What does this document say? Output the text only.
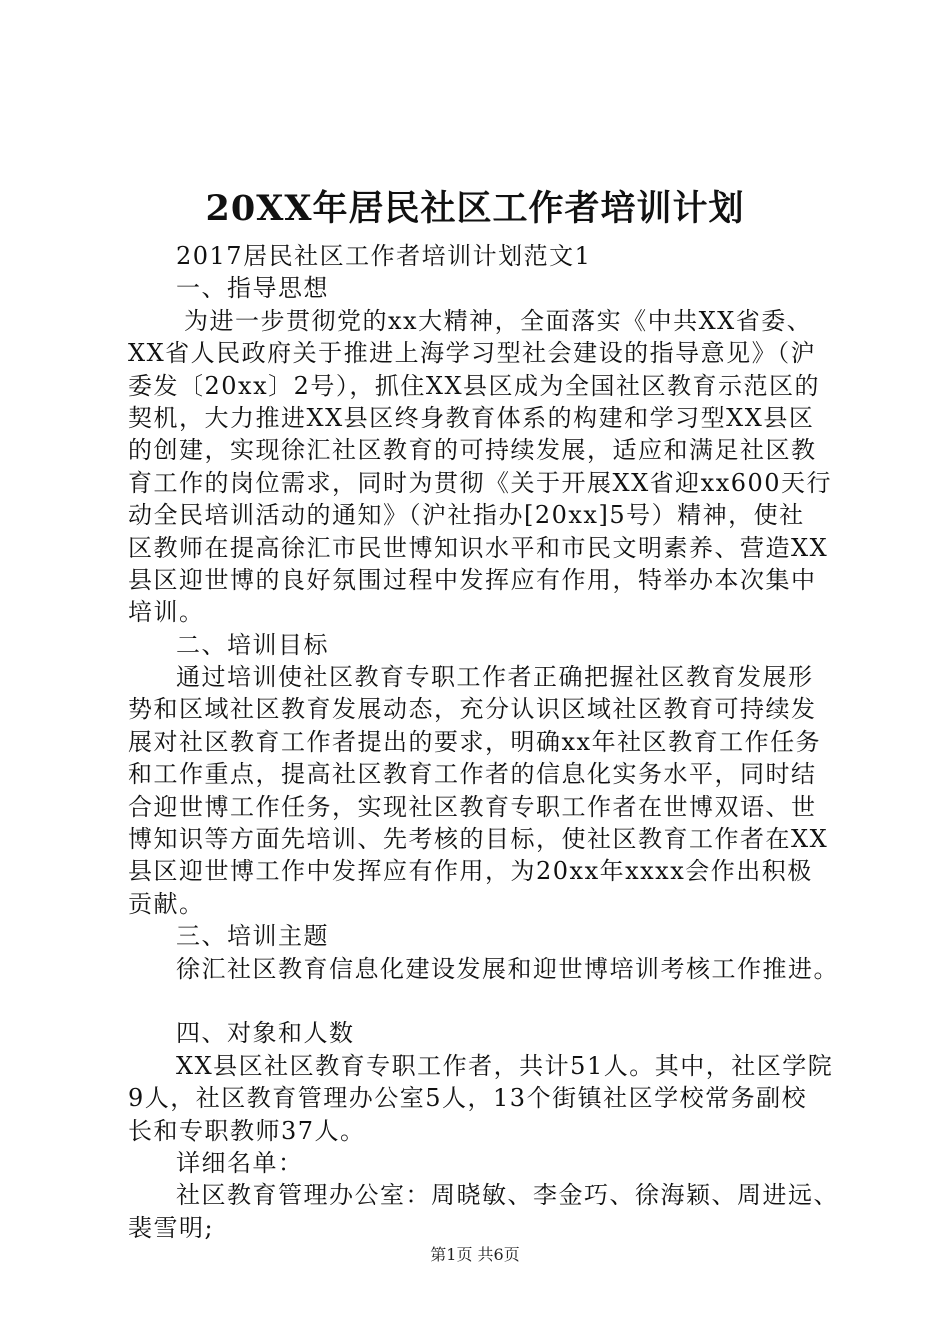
20XX年居民社区工作者培训计划
2017居民社区工作者培训计划范文1
一、指导思想
为进一步贯彻党的xx大精神，全面落实《中共XX省委、
XX省人民政府关于推进上海学习型社会建设的指导意见》（沪
委发〔20xx〕2号），抓住XX县区成为全国社区教育示范区的
契机，大力推进XX县区终身教育体系的构建和学习型XX县区
的创建，实现徐汇社区教育的可持续发展，适应和满足社区教
育工作的岗位需求，同时为贯彻《关于开展XX省迎xx600天行
动全民培训活动的通知》（沪社指办[20xx]5号）精神，使社
区教师在提高徐汇市民世博知识水平和市民文明素养、营造XX
县区迎世博的良好氛围过程中发挥应有作用，特举办本次集中
培训。
二、培训目标
通过培训使社区教育专职工作者正确把握社区教育发展形
势和区域社区教育发展动态，充分认识区域社区教育可持续发
展对社区教育工作者提出的要求，明确xx年社区教育工作任务
和工作重点，提高社区教育工作者的信息化实务水平，同时结
合迎世博工作任务，实现社区教育专职工作者在世博双语、世
博知识等方面先培训、先考核的目标，使社区教育工作者在XX
县区迎世博工作中发挥应有作用，为20xx年xxxx会作出积极
贡献。
三、培训主题
徐汇社区教育信息化建设发展和迎世博培训考核工作推进。
四、对象和人数
XX县区社区教育专职工作者，共计51人。其中，社区学院
9人，社区教育管理办公室5人，13个街镇社区学校常务副校
长和专职教师37人。
详细名单：
社区教育管理办公室：周晓敏、李金巧、徐海颖、周进远、
裴雪明;
第1页 共6页
